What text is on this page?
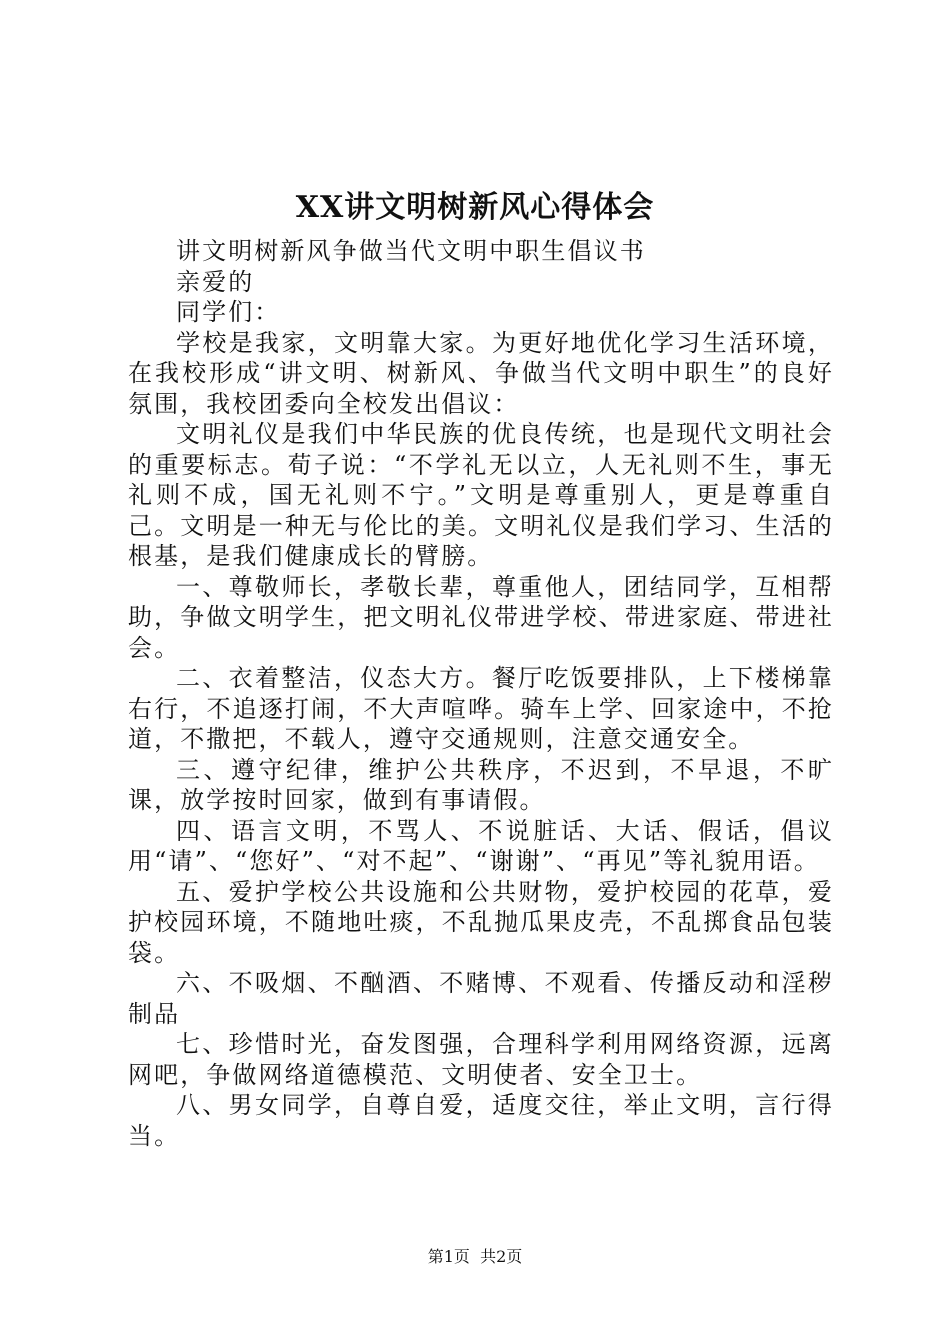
XX讲文明树新风心得体会

讲文明树新风争做当代文明中职生倡议书

亲爱的

同学们：

学校是我家，文明靠大家。为更好地优化学习生活环境，在我校形成“讲文明、树新风、争做当代文明中职生”的良好氛围，我校团委向全校发出倡议：

文明礼仪是我们中华民族的优良传统，也是现代文明社会的重要标志。荀子说：“不学礼无以立，人无礼则不生，事无礼则不成，国无礼则不宁。”文明是尊重别人，更是尊重自己。文明是一种无与伦比的美。文明礼仪是我们学习、生活的根基，是我们健康成长的臂膀。

一、尊敬师长，孝敬长辈，尊重他人，团结同学，互相帮助，争做文明学生，把文明礼仪带进学校、带进家庭、带进社会。

二、衣着整洁，仪态大方。餐厅吃饭要排队，上下楼梯靠右行，不追逐打闹，不大声喧哗。骑车上学、回家途中，不抢道，不撒把，不载人，遵守交通规则，注意交通安全。

三、遵守纪律，维护公共秩序，不迟到，不早退，不旷课，放学按时回家，做到有事请假。

四、语言文明，不骂人、不说脏话、大话、假话，倡议用“请”、“您好”、“对不起”、“谢谢”、“再见”等礼貌用语。

五、爱护学校公共设施和公共财物，爱护校园的花草，爱护校园环境，不随地吐痰，不乱抛瓜果皮壳，不乱掷食品包装袋。

六、不吸烟、不酗酒、不赌博、不观看、传播反动和淫秽制品

七、珍惜时光，奋发图强，合理科学利用网络资源，远离网吧，争做网络道德模范、文明使者、安全卫士。

八、男女同学，自尊自爱，适度交往，举止文明，言行得当。

第1页  共2页
